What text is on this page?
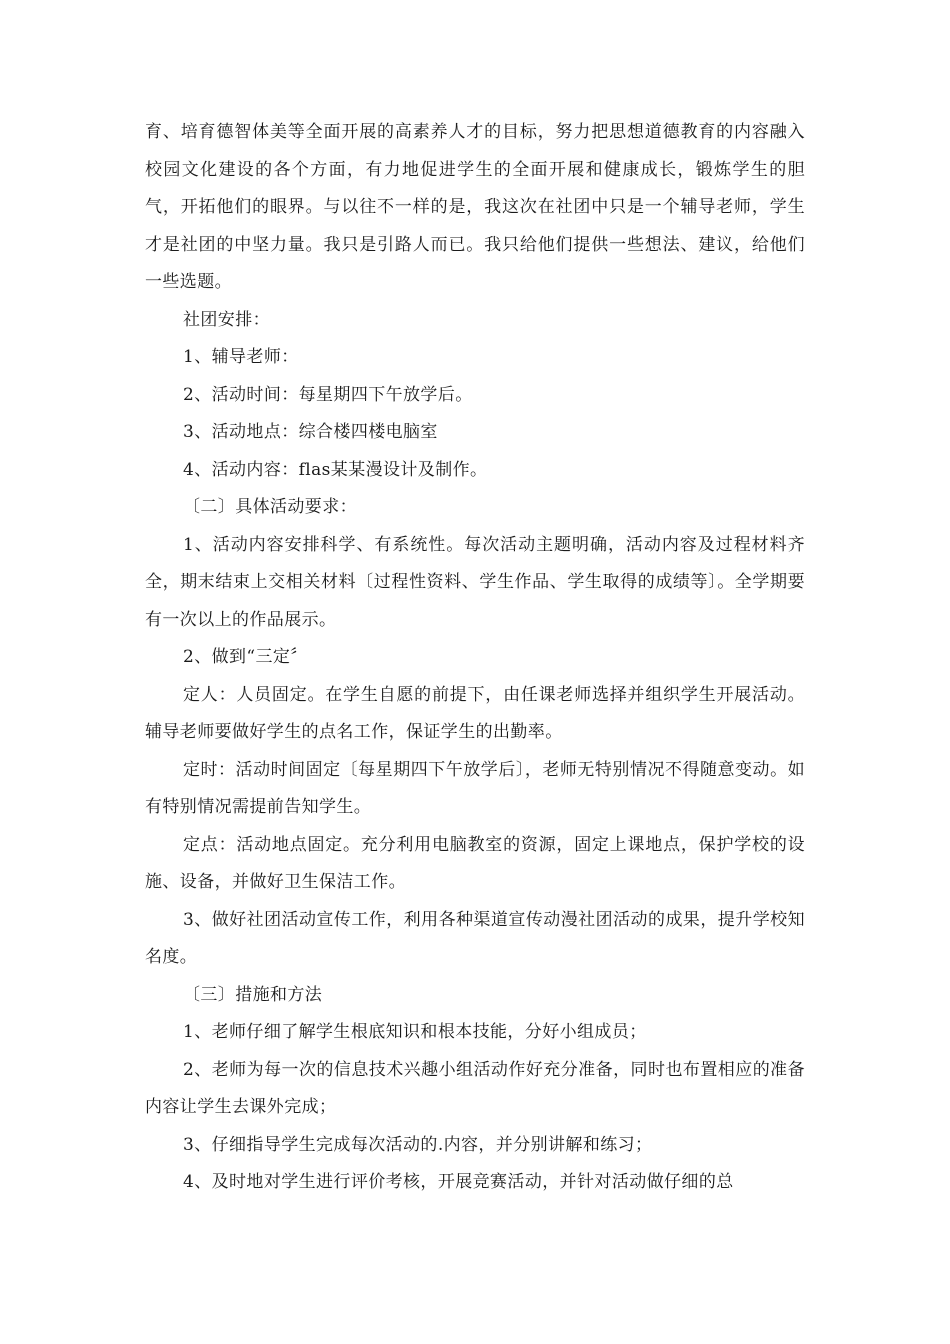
育、培育德智体美等全面开展的高素养人才的目标，努力把思想道德教育的内容融入校园文化建设的各个方面，有力地促进学生的全面开展和健康成长，锻炼学生的胆气，开拓他们的眼界。与以往不一样的是，我这次在社团中只是一个辅导老师，学生才是社团的中坚力量。我只是引路人而已。我只给他们提供一些想法、建议，给他们一些选题。

社团安排：

1、辅导老师：

2、活动时间：每星期四下午放学后。

3、活动地点：综合楼四楼电脑室

4、活动内容：flas某某漫设计及制作。

〔二〕具体活动要求：

1、活动内容安排科学、有系统性。每次活动主题明确，活动内容及过程材料齐全，期末结束上交相关材料〔过程性资料、学生作品、学生取得的成绩等〕。全学期要有一次以上的作品展示。

2、做到“三定〞

定人：人员固定。在学生自愿的前提下，由任课老师选择并组织学生开展活动。辅导老师要做好学生的点名工作，保证学生的出勤率。

定时：活动时间固定〔每星期四下午放学后〕，老师无特别情况不得随意变动。如有特别情况需提前告知学生。

定点：活动地点固定。充分利用电脑教室的资源，固定上课地点，保护学校的设施、设备，并做好卫生保洁工作。

3、做好社团活动宣传工作，利用各种渠道宣传动漫社团活动的成果，提升学校知名度。

〔三〕措施和方法

1、老师仔细了解学生根底知识和根本技能，分好小组成员；

2、老师为每一次的信息技术兴趣小组活动作好充分准备，同时也布置相应的准备内容让学生去课外完成；

3、仔细指导学生完成每次活动的.内容，并分别讲解和练习；

4、及时地对学生进行评价考核，开展竞赛活动，并针对活动做仔细的总
